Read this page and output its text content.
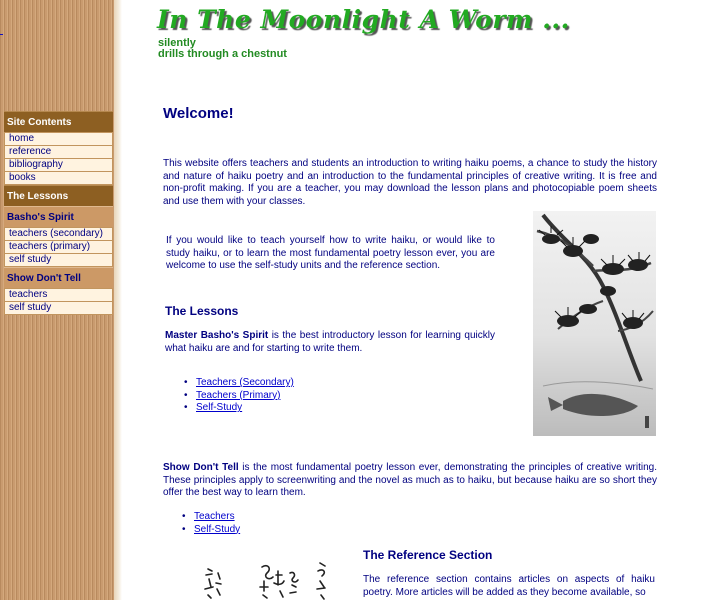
Site Contents
home
reference
bibliography
books
The Lessons
Basho's Spirit
teachers (secondary)
teachers (primary)
self study
Show Don't Tell
teachers
self study
In The Moonlight A Worm ...
silently
drills through a chestnut
Welcome!
This website offers teachers and students an introduction to writing haiku poems, a chance to study the history and nature of haiku poetry and an introduction to the fundamental principles of creative writing. It is free and non-profit making. If you are a teacher, you may download the lesson plans and photocopiable poem sheets and use them with your classes.
If you would like to teach yourself how to write haiku, or would like to study haiku, or to learn the most fundamental poetry lesson ever, you are welcome to use the self-study units and the reference section.
The Lessons
Master Basho's Spirit is the best introductory lesson for learning quickly what haiku are and for starting to write them.
• Teachers (Secondary)
• Teachers (Primary)
• Self-Study
Show Don't Tell is the most fundamental poetry lesson ever, demonstrating the principles of creative writing. These principles apply to screenwriting and the novel as much as to haiku, but because haiku are so short they offer the best way to learn them.
• Teachers
• Self-Study
The Reference Section
The reference section contains articles on aspects of haiku poetry. More articles will be added as they become available, so
